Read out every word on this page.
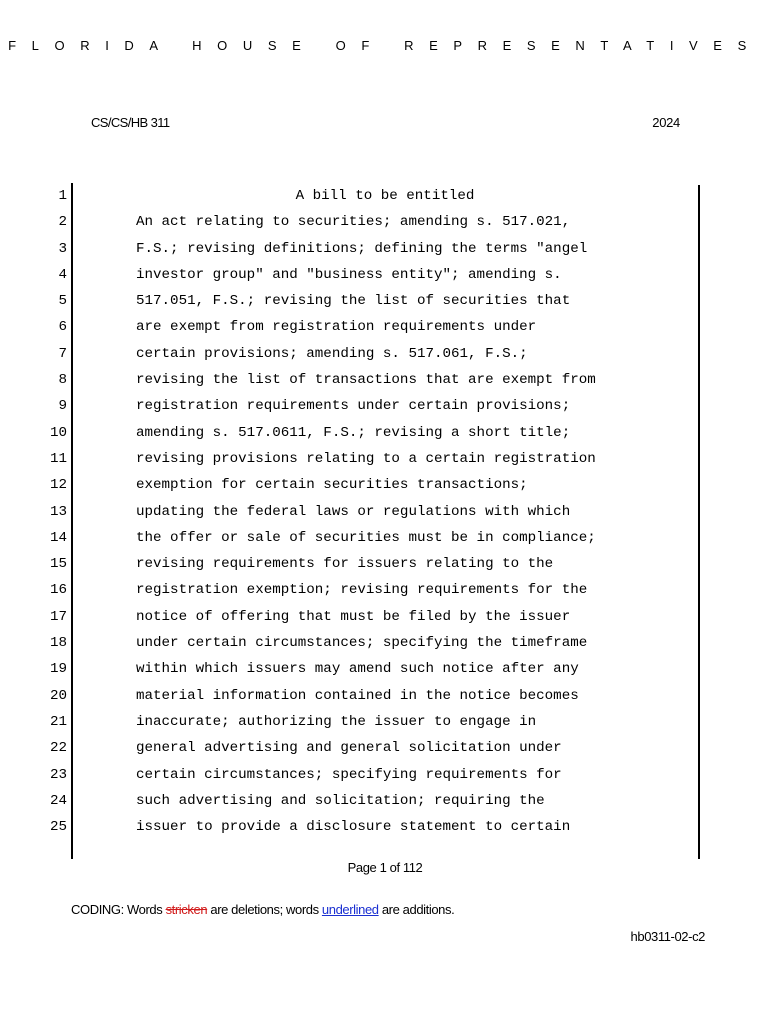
FLORIDA HOUSE OF REPRESENTATIVES
CS/CS/HB 311	2024
1	A bill to be entitled
2	An act relating to securities; amending s. 517.021,
3	F.S.; revising definitions; defining the terms "angel
4	investor group" and "business entity"; amending s.
5	517.051, F.S.; revising the list of securities that
6	are exempt from registration requirements under
7	certain provisions; amending s. 517.061, F.S.;
8	revising the list of transactions that are exempt from
9	registration requirements under certain provisions;
10	amending s. 517.0611, F.S.; revising a short title;
11	revising provisions relating to a certain registration
12	exemption for certain securities transactions;
13	updating the federal laws or regulations with which
14	the offer or sale of securities must be in compliance;
15	revising requirements for issuers relating to the
16	registration exemption; revising requirements for the
17	notice of offering that must be filed by the issuer
18	under certain circumstances; specifying the timeframe
19	within which issuers may amend such notice after any
20	material information contained in the notice becomes
21	inaccurate; authorizing the issuer to engage in
22	general advertising and general solicitation under
23	certain circumstances; specifying requirements for
24	such advertising and solicitation; requiring the
25	issuer to provide a disclosure statement to certain
Page 1 of 112
CODING: Words stricken are deletions; words underlined are additions.
hb0311-02-c2
